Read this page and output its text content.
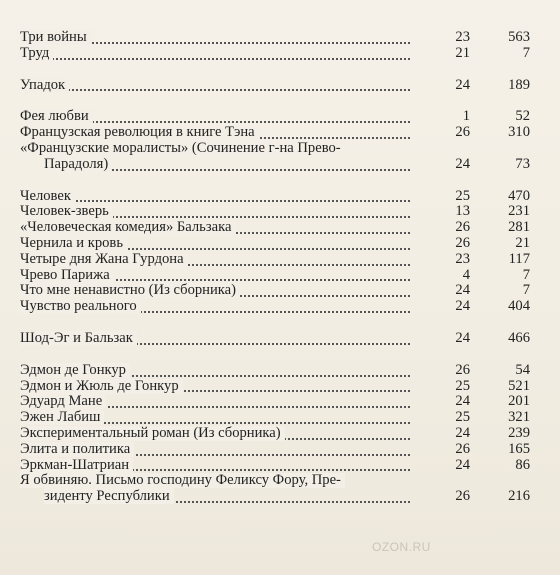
Три войны	23	563
Труд	21	7
Упадок	24	189
Фея любви	1	52
Французская революция в книге Тэна	26	310
«Французские моралисты» (Сочинение г-на Прево-
Парадоля)	24	73
Человек	25	470
Человек-зверь	13	231
«Человеческая комедия» Бальзака	26	281
Чернила и кровь	26	21
Четыре дня Жана Гурдона	23	117
Чрево Парижа	4	7
Что мне ненавистно (Из сборника)	24	7
Чувство реального	24	404
Шод-Эг и Бальзак	24	466
Эдмон де Гонкур	26	54
Эдмон и Жюль де Гонкур	25	521
Эдуард Мане	24	201
Эжен Лабиш	25	321
Экспериментальный роман (Из сборника)	24	239
Элита и политика	26	165
Эркман-Шатриан	24	86
Я обвиняю. Письмо господину Феликсу Фору, Пре-
зиденту Республики	26	216
OZON.RU
